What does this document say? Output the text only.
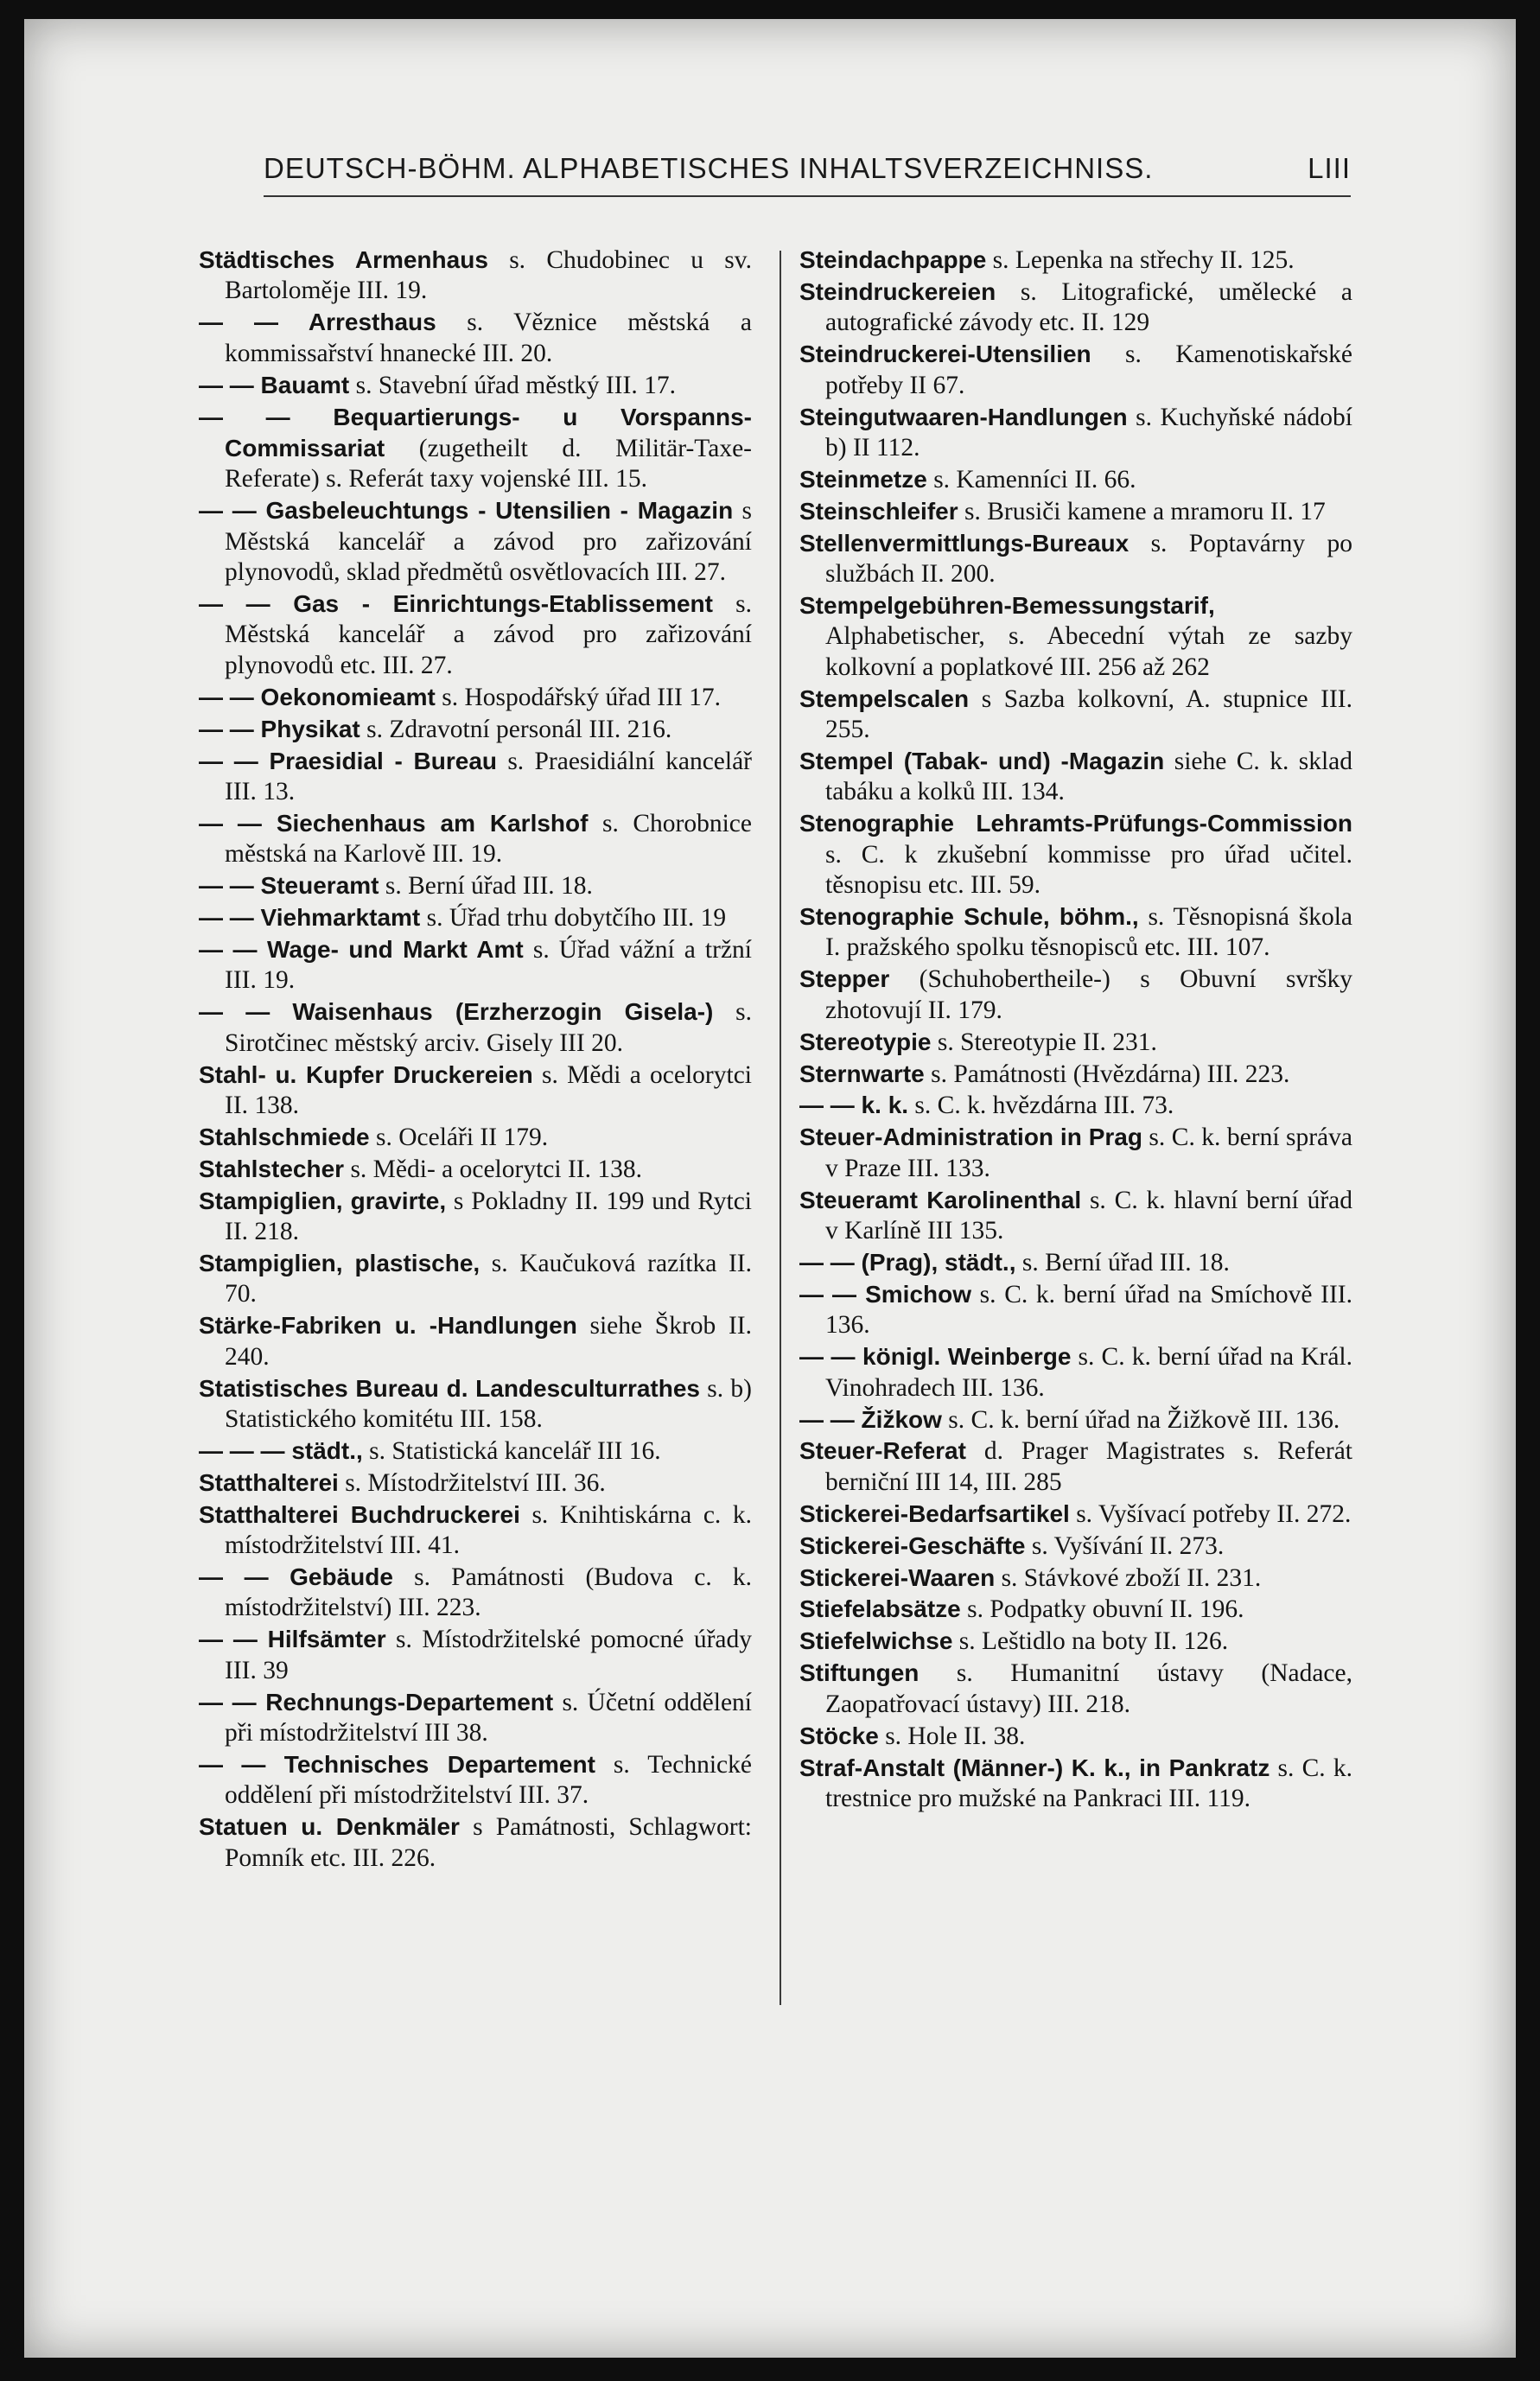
DEUTSCH-BÖHM. ALPHABETISCHES INHALTSVERZEICHNISS.	LIII

Städtisches Armenhaus s. Chudobinec u sv. Bartoloměje III. 19.

— — Arresthaus s. Věznice městská a kommissařství hnanecké III. 20.

— — Bauamt s. Stavební úřad městký III. 17.

— — Bequartierungs- u Vorspanns-Commissariat (zugetheilt d. Militär-Taxe-Referate) s. Referát taxy vojenské III. 15.

— — Gasbeleuchtungs - Utensilien - Magazin s Městská kancelář a závod pro zařizování plynovodů, sklad předmětů osvětlovacích III. 27.

— — Gas - Einrichtungs-Etablissement s. Městská kancelář a závod pro zařizování plynovodů etc. III. 27.

— — Oekonomieamt s. Hospodářský úřad III 17.

— — Physikat s. Zdravotní personál III. 216.

— — Praesidial - Bureau s. Praesidiální kancelář III. 13.

— — Siechenhaus am Karlshof s. Chorobnice městská na Karlově III. 19.

— — Steueramt s. Berní úřad III. 18.

— — Viehmarktamt s. Úřad trhu dobytčího III. 19

— — Wage- und Markt Amt s. Úřad vážní a tržní III. 19.

— — Waisenhaus (Erzherzogin Gisela-) s. Sirotčinec městský arciv. Gisely III 20.

Stahl- u. Kupfer Druckereien s. Mědi a ocelorytci II. 138.

Stahlschmiede s. Oceláři II 179.

Stahlstecher s. Mědi- a ocelorytci II. 138.

Stampiglien, gravirte, s Pokladny II. 199 und Rytci II. 218.

Stampiglien, plastische, s. Kaučuková razítka II. 70.

Stärke-Fabriken u. -Handlungen siehe Škrob II. 240.

Statistisches Bureau d. Landesculturrathes s. b) Statistického komitétu III. 158.

— — — städt., s. Statistická kancelář III 16.

Statthalterei s. Místodržitelství III. 36.

Statthalterei Buchdruckerei s. Knihtiskárna c. k. místodržitelství III. 41.

— — Gebäude s. Památnosti (Budova c. k. místodržitelství) III. 223.

— — Hilfsämter s. Místodržitelské pomocné úřady III. 39

— — Rechnungs-Departement s. Účetní oddělení při místodržitelství III 38.

— — Technisches Departement s. Technické oddělení při místodržitelství III. 37.

Statuen u. Denkmäler s Památnosti, Schlagwort: Pomník etc. III. 226.

Steindachpappe s. Lepenka na střechy II. 125.

Steindruckereien s. Litografické, umělecké a autografické závody etc. II. 129

Steindruckerei-Utensilien s. Kamenotiskařské potřeby II 67.

Steingutwaaren-Handlungen s. Kuchyňské nádobí b) II 112.

Steinmetze s. Kamenníci II. 66.

Steinschleifer s. Brusiči kamene a mramoru II. 17

Stellenvermittlungs-Bureaux s. Poptavárny po službách II. 200.

Stempelgebühren-Bemessungstarif, Alphabetischer, s. Abecední výtah ze sazby kolkovní a poplatkové III. 256 až 262

Stempelscalen s Sazba kolkovní, A. stupnice III. 255.

Stempel (Tabak- und) -Magazin siehe C. k. sklad tabáku a kolků III. 134.

Stenographie Lehramts-Prüfungs-Commission s. C. k zkušební kommisse pro úřad učitel. těsnopisu etc. III. 59.

Stenographie Schule, böhm., s. Těsnopisná škola I. pražského spolku těsnopisců etc. III. 107.

Stepper (Schuhobertheile-) s Obuvní svršky zhotovují II. 179.

Stereotypie s. Stereotypie II. 231.

Sternwarte s. Památnosti (Hvězdárna) III. 223.

— — k. k. s. C. k. hvězdárna III. 73.

Steuer-Administration in Prag s. C. k. berní správa v Praze III. 133.

Steueramt Karolinenthal s. C. k. hlavní berní úřad v Karlíně III 135.

— — (Prag), städt., s. Berní úřad III. 18.

— — Smichow s. C. k. berní úřad na Smíchově III. 136.

— — königl. Weinberge s. C. k. berní úřad na Král. Vinohradech III. 136.

— — Žižkow s. C. k. berní úřad na Žižkově III. 136.

Steuer-Referat d. Prager Magistrates s. Referát berniční III 14, III. 285

Stickerei-Bedarfsartikel s. Vyšívací potřeby II. 272.

Stickerei-Geschäfte s. Vyšívání II. 273.

Stickerei-Waaren s. Stávkové zboží II. 231.

Stiefelabsätze s. Podpatky obuvní II. 196.

Stiefelwichse s. Leštidlo na boty II. 126.

Stiftungen s. Humanitní ústavy (Nadace, Zaopatřovací ústavy) III. 218.

Stöcke s. Hole II. 38.

Straf-Anstalt (Männer-) K. k., in Pankratz s. C. k. trestnice pro mužské na Pankraci III. 119.
